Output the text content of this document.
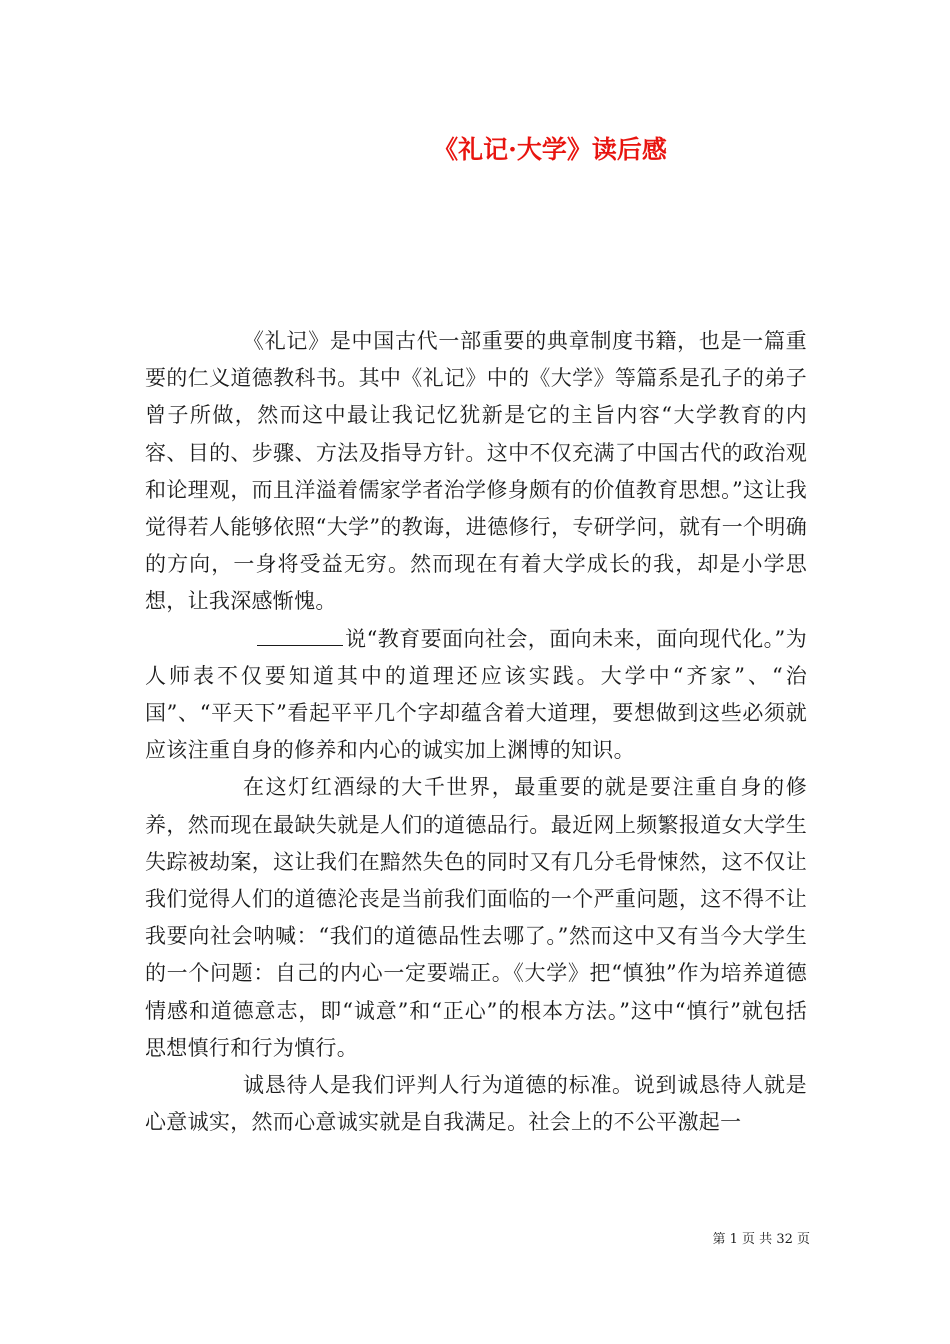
《礼记·大学》读后感

《礼记》是中国古代一部重要的典章制度书籍，也是一篇重要的仁义道德教科书。其中《礼记》中的《大学》等篇系是孔子的弟子曾子所做，然而这中最让我记忆犹新是它的主旨内容“大学教育的内容、目的、步骤、方法及指导方针。这中不仅充满了中国古代的政治观和论理观，而且洋溢着儒家学者治学修身颇有的价值教育思想。”这让我觉得若人能够依照“大学”的教诲，进德修行，专研学问，就有一个明确的方向，一身将受益无穷。然而现在有着大学成长的我，却是小学思想，让我深感惭愧。

说“教育要面向社会，面向未来，面向现代化。”为人师表不仅要知道其中的道理还应该实践。大学中“齐家”、“治国”、“平天下”看起平平几个字却蕴含着大道理，要想做到这些必须就应该注重自身的修养和内心的诚实加上渊博的知识。

在这灯红酒绿的大千世界，最重要的就是要注重自身的修养，然而现在最缺失就是人们的道德品行。最近网上频繁报道女大学生失踪被劫案，这让我们在黯然失色的同时又有几分毛骨悚然，这不仅让我们觉得人们的道德沦丧是当前我们面临的一个严重问题，这不得不让我要向社会呐喊：“我们的道德品性去哪了。”然而这中又有当今大学生的一个问题：自己的内心一定要端正。《大学》把“慎独”作为培养道德情感和道德意志，即“诚意”和“正心”的根本方法。”这中“慎行”就包括思想慎行和行为慎行。

诚恳待人是我们评判人行为道德的标准。说到诚恳待人就是心意诚实，然而心意诚实就是自我满足。社会上的不公平激起一

第 1 页 共 32 页
